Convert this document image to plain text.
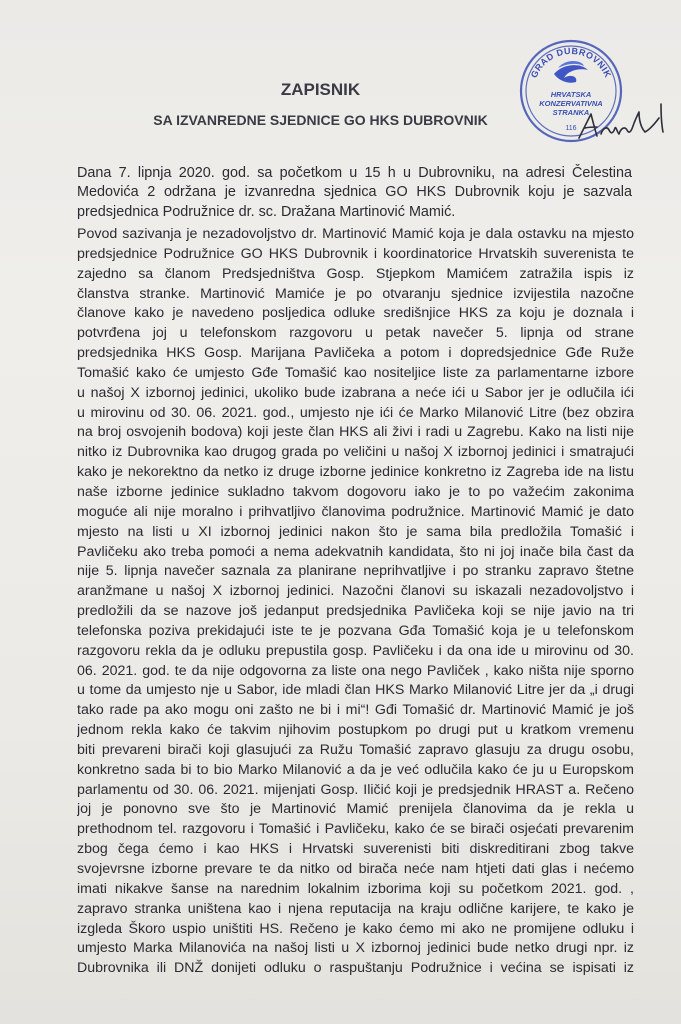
GRAD DUBROVNIK
HRVATSKA
KONZERVATIVNA
STRANKA
116
ZAPISNIK
SA IZVANREDNE SJEDNICE GO HKS DUBROVNIK
Dana 7. lipnja 2020. god. sa početkom u 15 h u Dubrovniku, na adresi Čelestina
Medovića 2 održana je izvanredna sjednica GO HKS Dubrovnik koju je sazvala
predsjednica Podružnice dr. sc. Dražana Martinović Mamić.
Povod sazivanja je nezadovoljstvo dr. Martinović Mamić koja je dala ostavku na mjesto
predsjednice Podružnice GO HKS Dubrovnik i koordinatorice Hrvatskih suverenista te
zajedno sa članom Predsjedništva Gosp. Stjepkom Mamićem zatražila ispis iz
članstva stranke. Martinović Mamiće je po otvaranju sjednice izvijestila nazočne
članove kako je navedeno posljedica odluke središnjice HKS za koju je doznala i
potvrđena joj u telefonskom razgovoru u petak navečer 5. lipnja od strane
predsjednika HKS Gosp. Marijana Pavličeka a potom i dopredsjednice Gđe Ruže
Tomašić kako će umjesto Gđe Tomašić kao nositeljice liste za parlamentarne izbore
u našoj X izbornoj jedinici, ukoliko bude izabrana a neće ići u Sabor jer je odlučila ići
u mirovinu od 30. 06. 2021. god., umjesto nje ići će Marko Milanović Litre (bez obzira
na broj osvojenih bodova) koji jeste član HKS ali živi i radi u Zagrebu. Kako na listi nije
nitko iz Dubrovnika kao drugog grada po veličini u našoj X izbornoj jedinici i smatrajući
kako je nekorektno da netko iz druge izborne jedinice konkretno iz Zagreba ide na listu
naše izborne jedinice sukladno takvom dogovoru iako je to po važećim zakonima
moguće ali nije moralno i prihvatljivo članovima podružnice. Martinović Mamić je dato
mjesto na listi u XI izbornoj jedinici nakon što je sama bila predložila Tomašić i
Pavličeku ako treba pomoći a nema adekvatnih kandidata, što ni joj inače bila čast da
nije 5. lipnja navečer saznala za planirane neprihvatljive i po stranku zapravo štetne
aranžmane u našoj X izbornoj jedinici. Nazočni članovi su iskazali nezadovoljstvo i
predložili da se nazove još jedanput predsjednika Pavličeka koji se nije javio na tri
telefonska poziva prekidajući iste te je pozvana Gđa Tomašić koja je u telefonskom
razgovoru rekla da je odluku prepustila gosp. Pavličeku i da ona ide u mirovinu od 30.
06. 2021. god. te da nije odgovorna za liste ona nego Pavliček , kako ništa nije sporno
u tome da umjesto nje u Sabor, ide mladi član HKS Marko Milanović Litre jer da „i drugi
tako rade pa ako mogu oni zašto ne bi i mi“! Gđi Tomašić dr. Martinović Mamić je još
jednom rekla kako će takvim njihovim postupkom po drugi put u kratkom vremenu
biti prevareni birači koji glasujući za Ružu Tomašić zapravo glasuju za drugu osobu,
konkretno sada bi to bio Marko Milanović a da je već odlučila kako će ju u Europskom
parlamentu od 30. 06. 2021. mijenjati Gosp. Iličić koji je predsjednik HRAST a. Rečeno
joj je ponovno sve što je Martinović Mamić prenijela članovima da je rekla u
prethodnom tel. razgovoru i Tomašić i Pavličeku, kako će se birači osjećati prevarenim
zbog čega ćemo i kao HKS i Hrvatski suverenisti biti diskreditirani zbog takve
svojevrsne izborne prevare te da nitko od birača neće nam htjeti dati glas i nećemo
imati nikakve šanse na narednim lokalnim izborima koji su početkom 2021. god. ,
zapravo stranka uništena kao i njena reputacija na kraju odlične karijere, te kako je
izgleda Škoro uspio uništiti HS. Rečeno je kako ćemo mi ako ne promijene odluku i
umjesto Marka Milanovića na našoj listi u X izbornoj jedinici bude netko drugi npr. iz
Dubrovnika ili DNŽ donijeti odluku o raspuštanju Podružnice i većina se ispisati iz
